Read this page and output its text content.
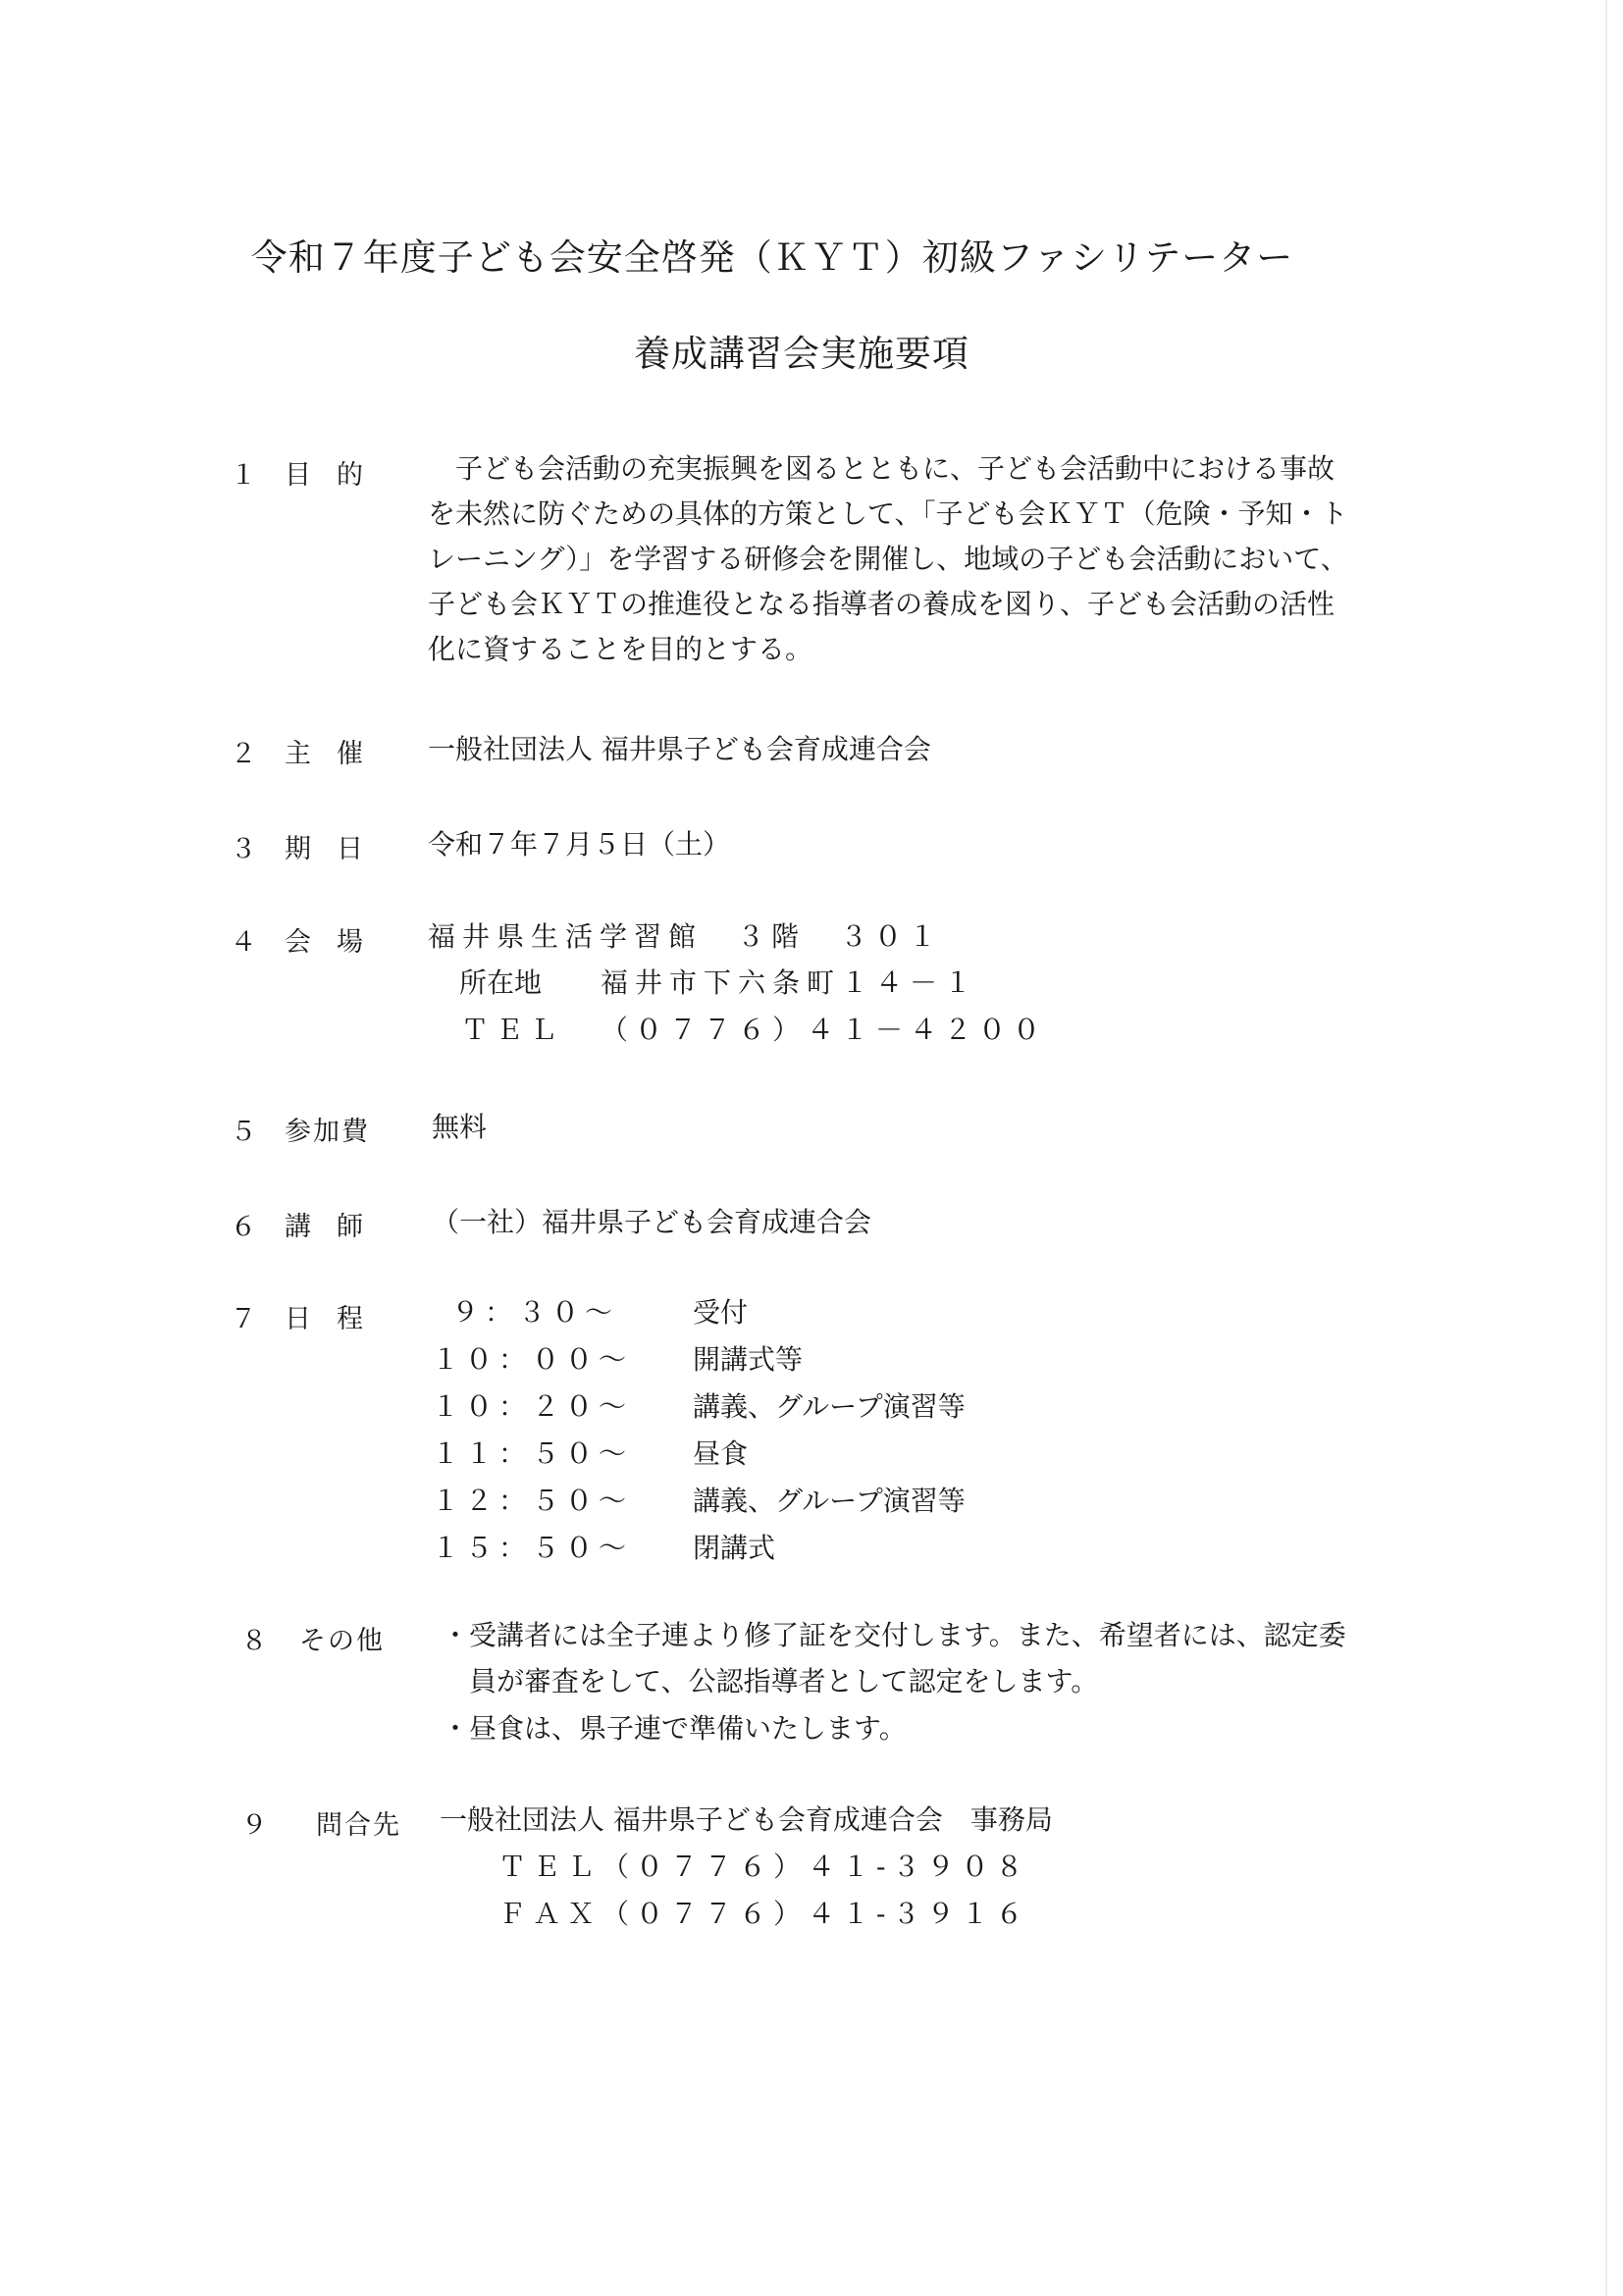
令和７年度子ども会安全啓発（ＫＹＴ）初級ファシリテーター
養成講習会実施要項
１ 目的 　子ども会活動の充実振興を図るとともに、子ども会活動中における事故
を未然に防ぐための具体的方策として、「子ども会ＫＹＴ（危険・予知・ト
レーニング）」を学習する研修会を開催し、地域の子ども会活動において、
子ども会ＫＹＴの推進役となる指導者の養成を図り、子ども会活動の活性
化に資することを目的とする。
２ 主催 一般社団法人 福井県子ども会育成連合会
３ 期日 令和７年７月５日（土）
４ 会場 福井県生活学習館　３階　３０１
所在地 福井市下六条町１４－１
ＴＥＬ （０７７６）４１－４２００
５ 参加費 無料
６ 講師 （一社）福井県子ども会育成連合会
７ 日程	９：３０～	受付
１０：００～ 開講式等
１０：２０～ 講義、グループ演習等
１１：５０～ 昼食
１２：５０～ 講義、グループ演習等
１５：５０～ 閉講式
８ その他 ・受講者には全子連より修了証を交付します。また、希望者には、認定委
　員が審査をして、公認指導者として認定をします。
・昼食は、県子連で準備いたします。
９ 問合先 一般社団法人 福井県子ども会育成連合会　事務局
ＴＥＬ（０７７６）４１-３９０８
ＦＡＸ（０７７６）４１-３９１６
